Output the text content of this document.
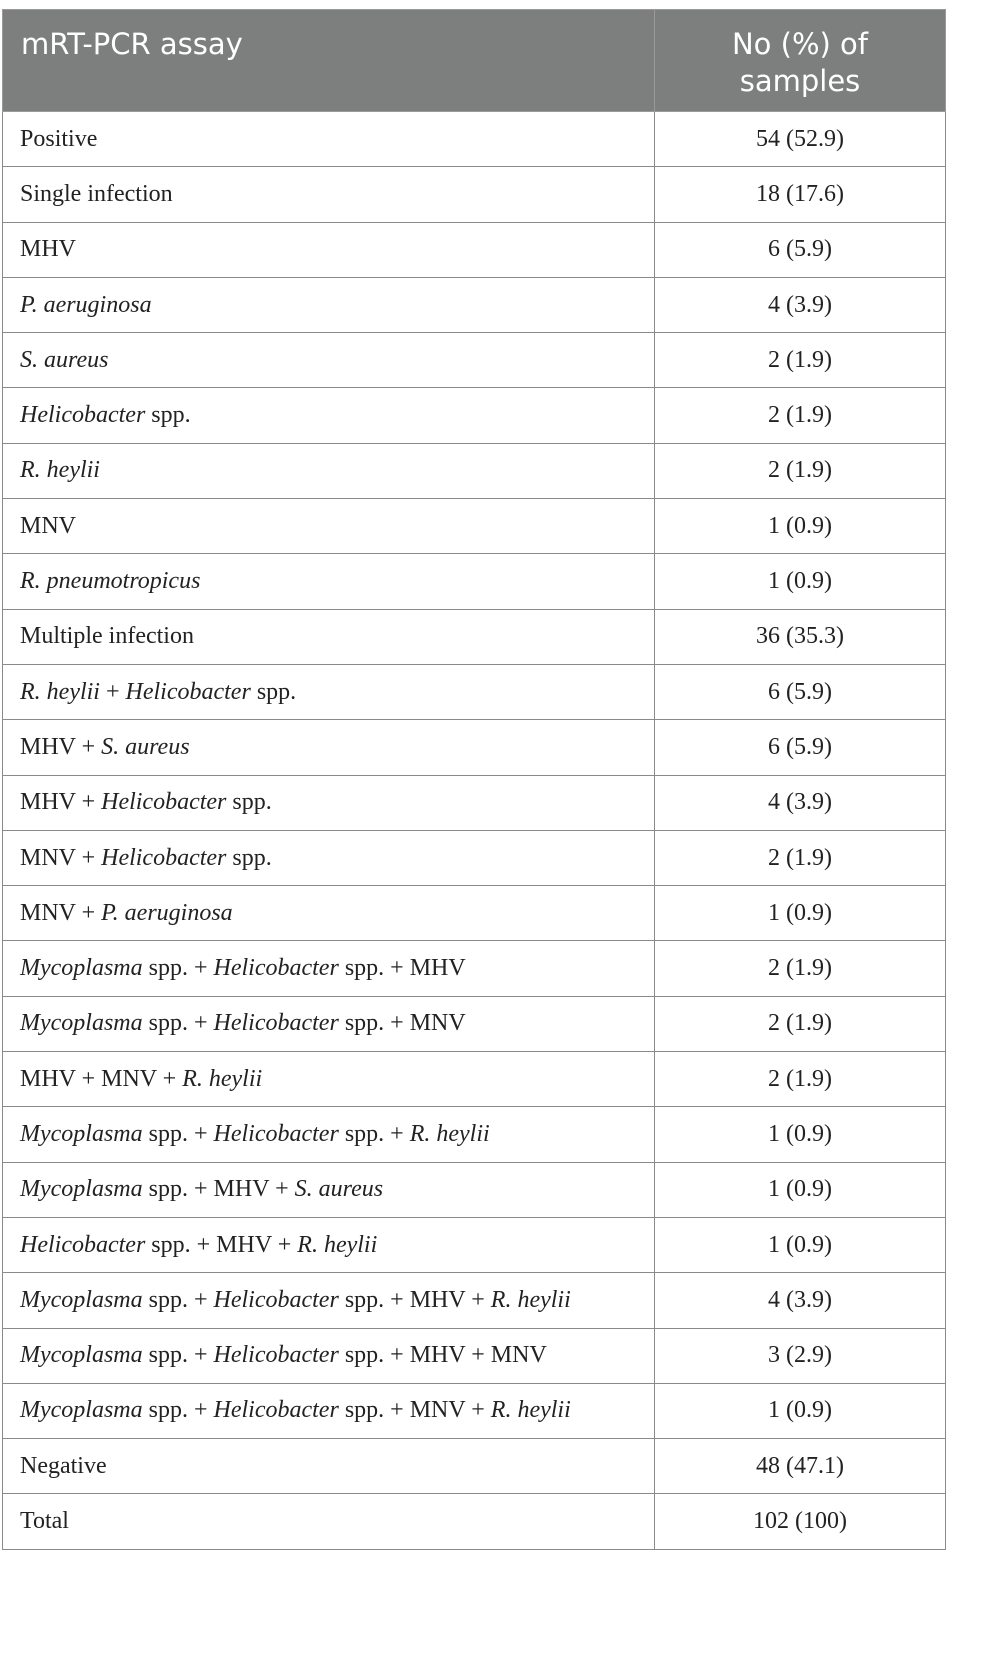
mRT-PCR assay	No (%) of
samples
Positive	54 (52.9)
Single infection	18 (17.6)
MHV	6 (5.9)
P. aeruginosa	4 (3.9)
S. aureus	2 (1.9)
Helicobacter spp.	2 (1.9)
R. heylii	2 (1.9)
MNV	1 (0.9)
R. pneumotropicus	1 (0.9)
Multiple infection	36 (35.3)
R. heylii + Helicobacter spp.	6 (5.9)
MHV + S. aureus	6 (5.9)
MHV + Helicobacter spp.	4 (3.9)
MNV + Helicobacter spp.	2 (1.9)
MNV + P. aeruginosa	1 (0.9)
Mycoplasma spp. + Helicobacter spp. + MHV	2 (1.9)
Mycoplasma spp. + Helicobacter spp. + MNV	2 (1.9)
MHV + MNV + R. heylii	2 (1.9)
Mycoplasma spp. + Helicobacter spp. + R. heylii	1 (0.9)
Mycoplasma spp. + MHV + S. aureus	1 (0.9)
Helicobacter spp. + MHV + R. heylii	1 (0.9)
Mycoplasma spp. + Helicobacter spp. + MHV + R. heylii	4 (3.9)
Mycoplasma spp. + Helicobacter spp. + MHV + MNV	3 (2.9)
Mycoplasma spp. + Helicobacter spp. + MNV + R. heylii	1 (0.9)
Negative	48 (47.1)
Total	102 (100)
